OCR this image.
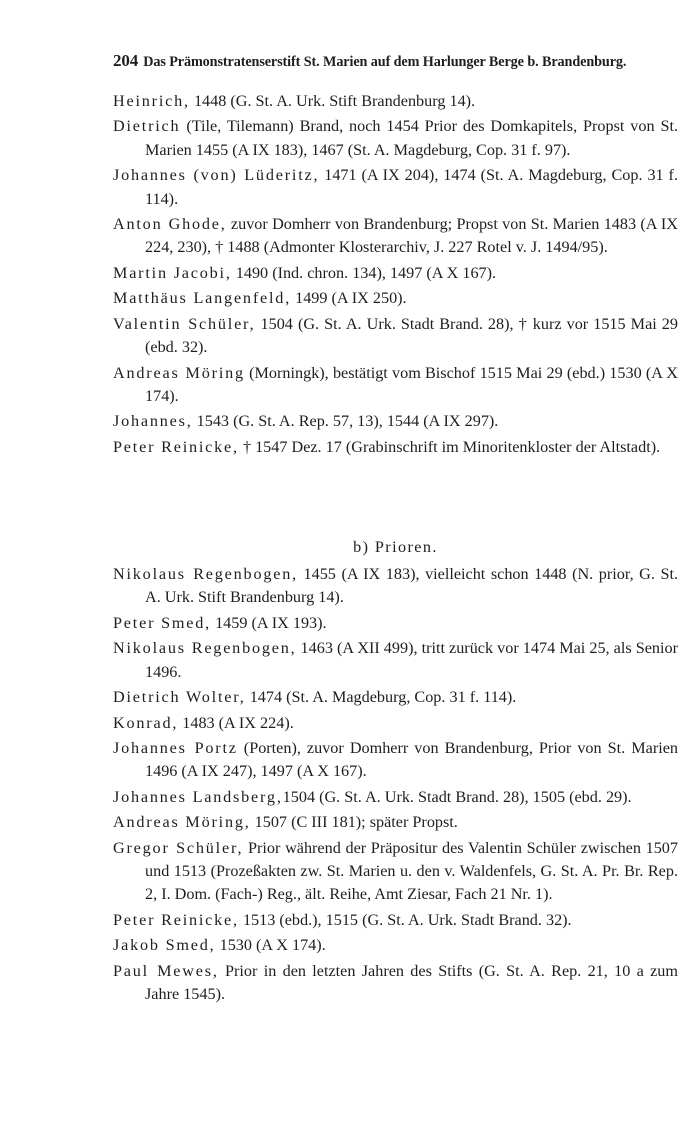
204 Das Prämonstratenserstift St. Marien auf dem Harlunger Berge b. Brandenburg.

Heinrich, 1448 (G. St. A. Urk. Stift Brandenburg 14).

Dietrich (Tile, Tilemann) Brand, noch 1454 Prior des Domkapitels, Propst von St. Marien 1455 (A IX 183), 1467 (St. A. Magdeburg, Cop. 31 f. 97).

Johannes (von) Lüderitz, 1471 (A IX 204), 1474 (St. A. Magdeburg, Cop. 31 f. 114).

Anton Ghode, zuvor Domherr von Brandenburg; Propst von St. Marien 1483 (A IX 224, 230), † 1488 (Admonter Klosterarchiv, J. 227 Rotel v. J. 1494/95).

Martin Jacobi, 1490 (Ind. chron. 134), 1497 (A X 167).

Matthäus Langenfeld, 1499 (A IX 250).

Valentin Schüler, 1504 (G. St. A. Urk. Stadt Brand. 28), † kurz vor 1515 Mai 29 (ebd. 32).

Andreas Möring (Morningk), bestätigt vom Bischof 1515 Mai 29 (ebd.) 1530 (A X 174).

Johannes, 1543 (G. St. A. Rep. 57, 13), 1544 (A IX 297).

Peter Reinicke, † 1547 Dez. 17 (Grabinschrift im Minoritenkloster der Altstadt).

b) Prioren.

Nikolaus Regenbogen, 1455 (A IX 183), vielleicht schon 1448 (N. prior, G. St. A. Urk. Stift Brandenburg 14).

Peter Smed, 1459 (A IX 193).

Nikolaus Regenbogen, 1463 (A XII 499), tritt zurück vor 1474 Mai 25, als Senior 1496.

Dietrich Wolter, 1474 (St. A. Magdeburg, Cop. 31 f. 114).

Konrad, 1483 (A IX 224).

Johannes Portz (Porten), zuvor Domherr von Brandenburg, Prior von St. Marien 1496 (A IX 247), 1497 (A X 167).

Johannes Landsberg,1504 (G. St. A. Urk. Stadt Brand. 28), 1505 (ebd. 29).

Andreas Möring, 1507 (C III 181); später Propst.

Gregor Schüler, Prior während der Präpositur des Valentin Schüler zwischen 1507 und 1513 (Prozeßakten zw. St. Marien u. den v. Waldenfels, G. St. A. Pr. Br. Rep. 2, I. Dom. (Fach-) Reg., ält. Reihe, Amt Ziesar, Fach 21 Nr. 1).

Peter Reinicke, 1513 (ebd.), 1515 (G. St. A. Urk. Stadt Brand. 32).

Jakob Smed, 1530 (A X 174).

Paul Mewes, Prior in den letzten Jahren des Stifts (G. St. A. Rep. 21, 10 a zum Jahre 1545).
